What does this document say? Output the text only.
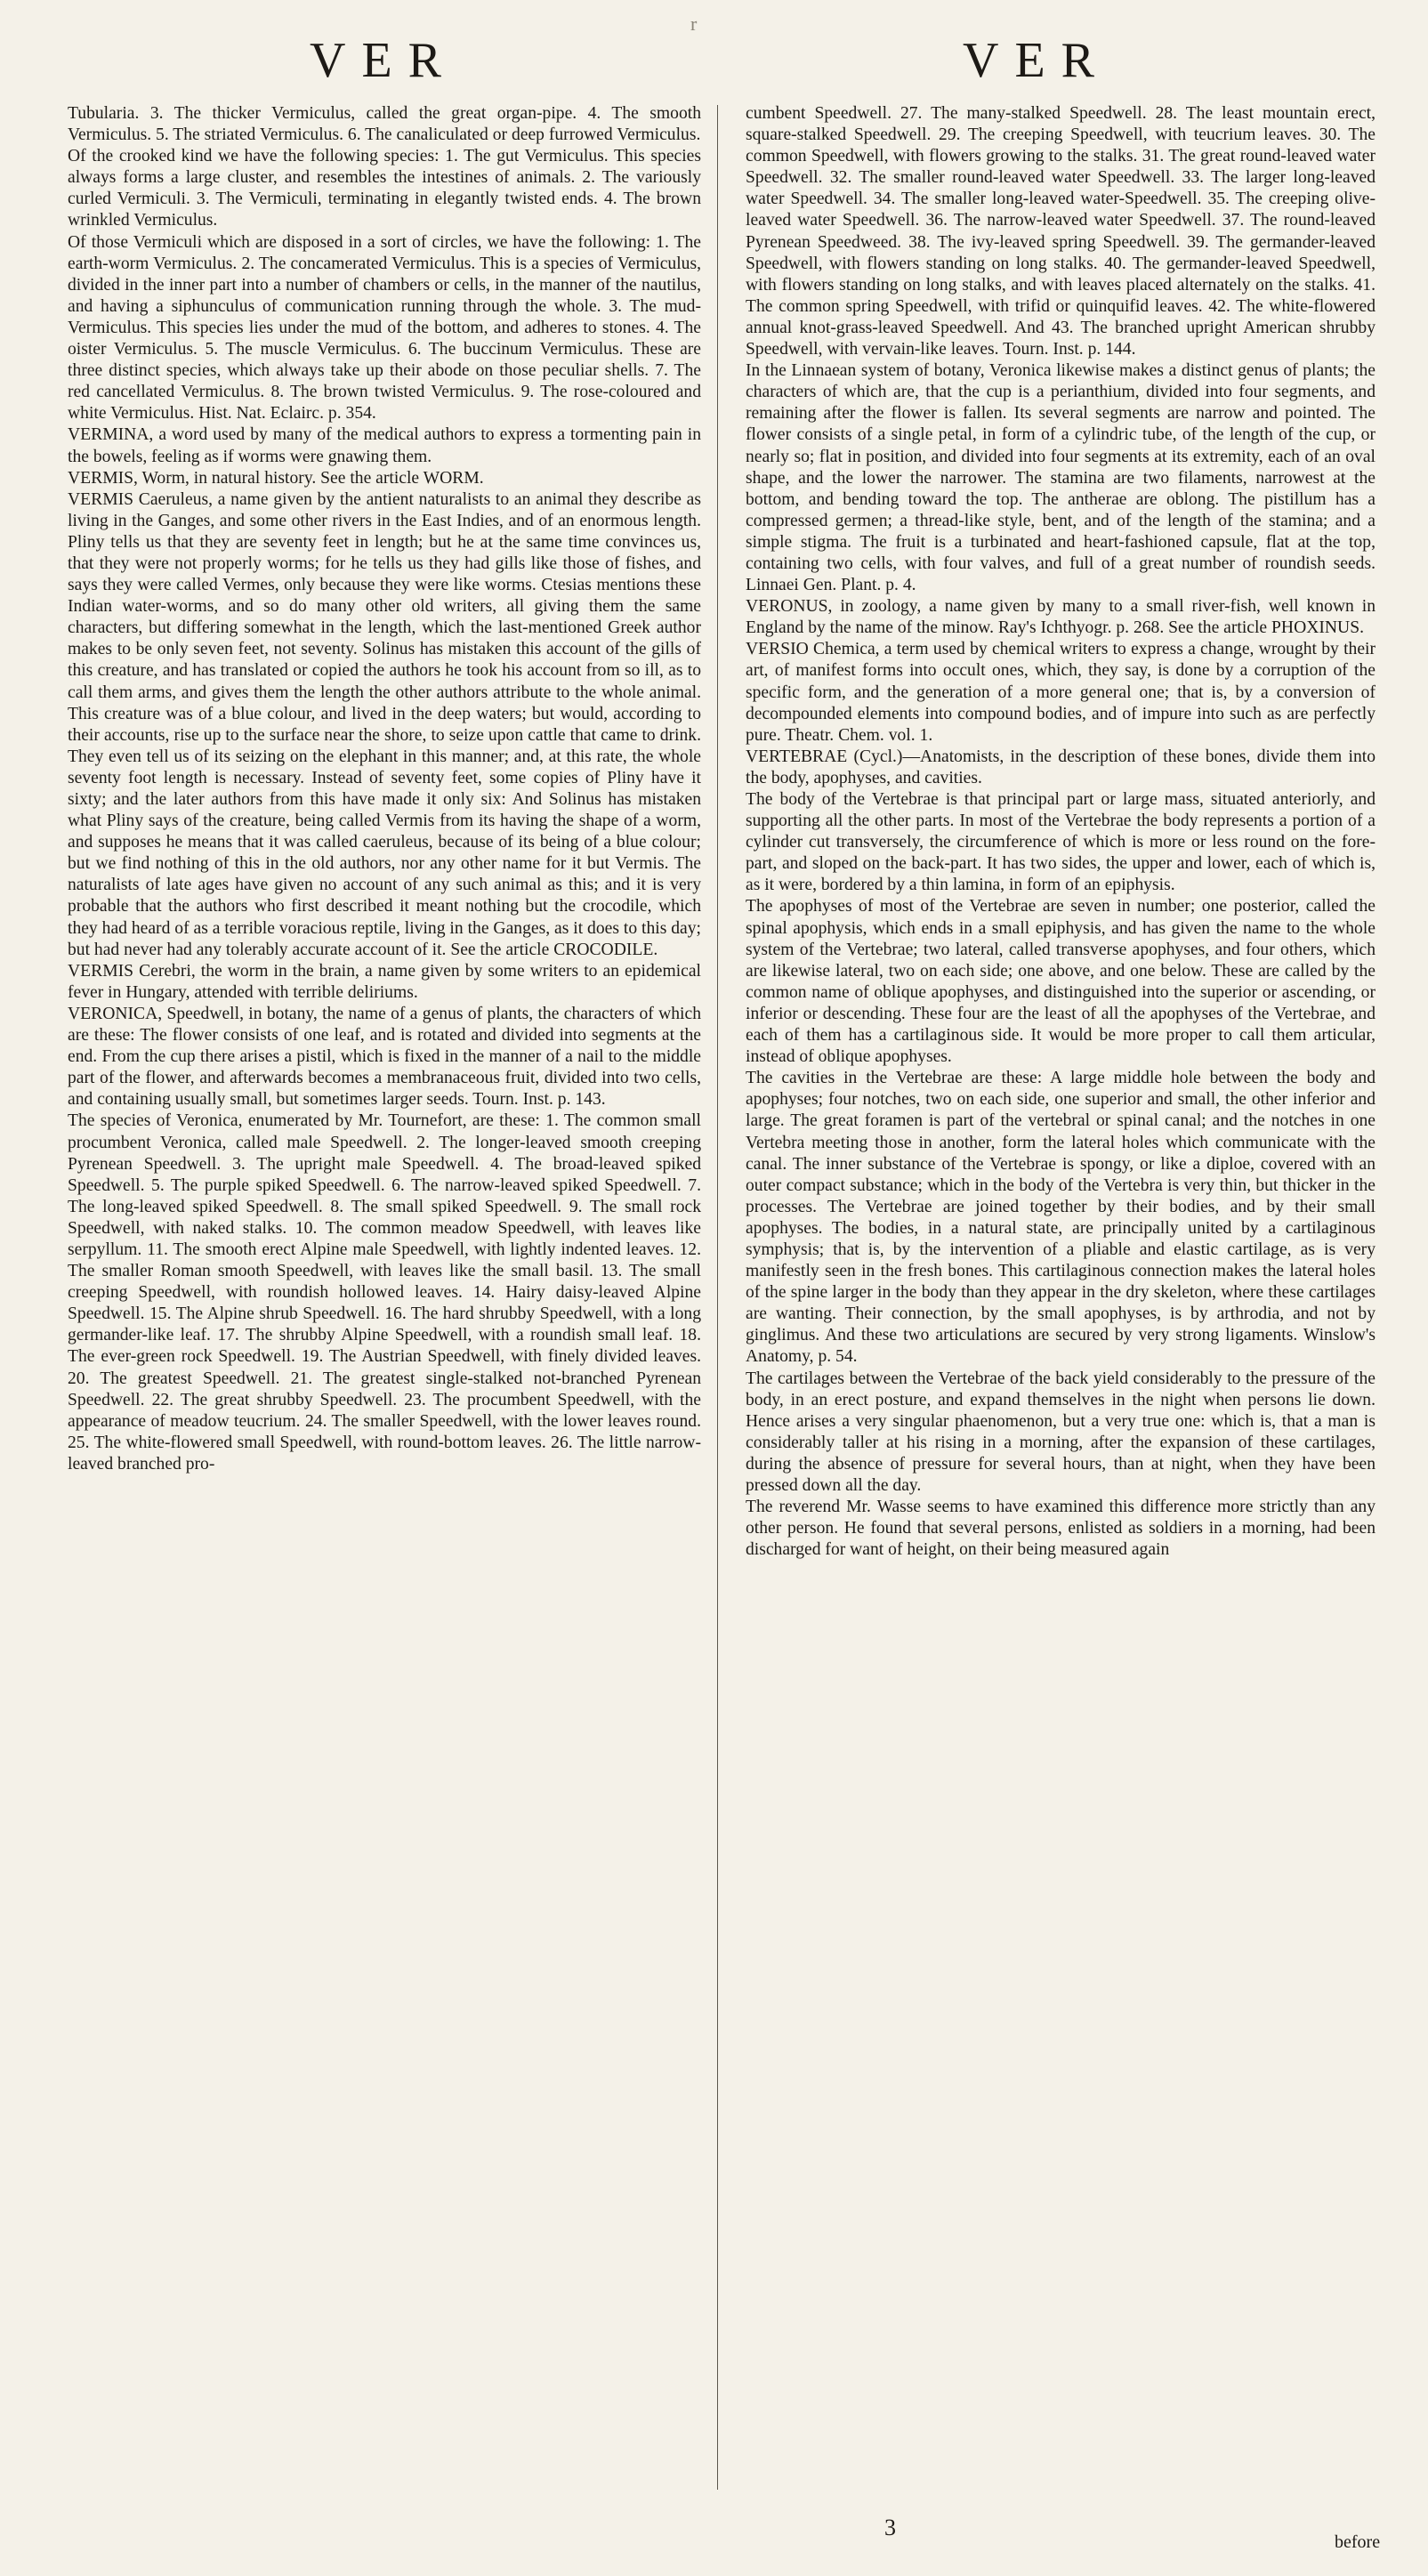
r
VER	VER

Tubularia. 3. The thicker Vermiculus, called the great organ-pipe. 4. The smooth Vermiculus. 5. The striated Vermiculus. 6. The canaliculated or deep furrowed Vermiculus.

Of the crooked kind we have the following species: 1. The gut Vermiculus. This species always forms a large cluster, and resembles the intestines of animals. 2. The variously curled Vermiculi. 3. The Vermiculi, terminating in elegantly twisted ends. 4. The brown wrinkled Vermiculus.

Of those Vermiculi which are disposed in a sort of circles, we have the following: 1. The earth-worm Vermiculus. 2. The concamerated Vermiculus. This is a species of Vermiculus, divided in the inner part into a number of chambers or cells, in the manner of the nautilus, and having a siphunculus of communication running through the whole. 3. The mud-Vermiculus. This species lies under the mud of the bottom, and adheres to stones. 4. The oister Vermiculus. 5. The muscle Vermiculus. 6. The buccinum Vermiculus. These are three distinct species, which always take up their abode on those peculiar shells. 7. The red cancellated Vermiculus. 8. The brown twisted Vermiculus. 9. The rose-coloured and white Vermiculus. Hist. Nat. Eclairc. p. 354.

VERMINA, a word used by many of the medical authors to express a tormenting pain in the bowels, feeling as if worms were gnawing them.

VERMIS, Worm, in natural history. See the article WORM.

VERMIS Caeruleus, a name given by the antient naturalists to an animal they describe as living in the Ganges, and some other rivers in the East Indies, and of an enormous length. Pliny tells us that they are seventy feet in length; but he at the same time convinces us, that they were not properly worms; for he tells us they had gills like those of fishes, and says they were called Vermes, only because they were like worms. Ctesias mentions these Indian water-worms, and so do many other old writers, all giving them the same characters, but differing somewhat in the length, which the last-mentioned Greek author makes to be only seven feet, not seventy. Solinus has mistaken this account of the gills of this creature, and has translated or copied the authors he took his account from so ill, as to call them arms, and gives them the length the other authors attribute to the whole animal. This creature was of a blue colour, and lived in the deep waters; but would, according to their accounts, rise up to the surface near the shore, to seize upon cattle that came to drink. They even tell us of its seizing on the elephant in this manner; and, at this rate, the whole seventy foot length is necessary. Instead of seventy feet, some copies of Pliny have it sixty; and the later authors from this have made it only six: And Solinus has mistaken what Pliny says of the creature, being called Vermis from its having the shape of a worm, and supposes he means that it was called caeruleus, because of its being of a blue colour; but we find nothing of this in the old authors, nor any other name for it but Vermis. The naturalists of late ages have given no account of any such animal as this; and it is very probable that the authors who first described it meant nothing but the crocodile, which they had heard of as a terrible voracious reptile, living in the Ganges, as it does to this day; but had never had any tolerably accurate account of it. See the article CROCODILE.

VERMIS Cerebri, the worm in the brain, a name given by some writers to an epidemical fever in Hungary, attended with terrible deliriums.

VERONICA, Speedwell, in botany, the name of a genus of plants, the characters of which are these: The flower consists of one leaf, and is rotated and divided into segments at the end. From the cup there arises a pistil, which is fixed in the manner of a nail to the middle part of the flower, and afterwards becomes a membranaceous fruit, divided into two cells, and containing usually small, but sometimes larger seeds. Tourn. Inst. p. 143.

The species of Veronica, enumerated by Mr. Tournefort, are these: 1. The common small procumbent Veronica, called male Speedwell. 2. The longer-leaved smooth creeping Pyrenean Speedwell. 3. The upright male Speedwell. 4. The broad-leaved spiked Speedwell. 5. The purple spiked Speedwell. 6. The narrow-leaved spiked Speedwell. 7. The long-leaved spiked Speedwell. 8. The small spiked Speedwell. 9. The small rock Speedwell, with naked stalks. 10. The common meadow Speedwell, with leaves like serpyllum. 11. The smooth erect Alpine male Speedwell, with lightly indented leaves. 12. The smaller Roman smooth Speedwell, with leaves like the small basil. 13. The small creeping Speedwell, with roundish hollowed leaves. 14. Hairy daisy-leaved Alpine Speedwell. 15. The Alpine shrub Speedwell. 16. The hard shrubby Speedwell, with a long germander-like leaf. 17. The shrubby Alpine Speedwell, with a roundish small leaf. 18. The ever-green rock Speedwell. 19. The Austrian Speedwell, with finely divided leaves. 20. The greatest Speedwell. 21. The greatest single-stalked not-branched Pyrenean Speedwell. 22. The great shrubby Speedwell. 23. The procumbent Speedwell, with the appearance of meadow teucrium. 24. The smaller Speedwell, with the lower leaves round. 25. The white-flowered small Speedwell, with round-bottom leaves. 26. The little narrow-leaved branched pro-

cumbent Speedwell. 27. The many-stalked Speedwell. 28. The least mountain erect, square-stalked Speedwell. 29. The creeping Speedwell, with teucrium leaves. 30. The common Speedwell, with flowers growing to the stalks. 31. The great round-leaved water Speedwell. 32. The smaller round-leaved water Speedwell. 33. The larger long-leaved water Speedwell. 34. The smaller long-leaved water-Speedwell. 35. The creeping olive-leaved water Speedwell. 36. The narrow-leaved water Speedwell. 37. The round-leaved Pyrenean Speedweed. 38. The ivy-leaved spring Speedwell. 39. The germander-leaved Speedwell, with flowers standing on long stalks. 40. The germander-leaved Speedwell, with flowers standing on long stalks, and with leaves placed alternately on the stalks. 41. The common spring Speedwell, with trifid or quinquifid leaves. 42. The white-flowered annual knot-grass-leaved Speedwell. And 43. The branched upright American shrubby Speedwell, with vervain-like leaves. Tourn. Inst. p. 144.

In the Linnaean system of botany, Veronica likewise makes a distinct genus of plants; the characters of which are, that the cup is a perianthium, divided into four segments, and remaining after the flower is fallen. Its several segments are narrow and pointed. The flower consists of a single petal, in form of a cylindric tube, of the length of the cup, or nearly so; flat in position, and divided into four segments at its extremity, each of an oval shape, and the lower the narrower. The stamina are two filaments, narrowest at the bottom, and bending toward the top. The antherae are oblong. The pistillum has a compressed germen; a thread-like style, bent, and of the length of the stamina; and a simple stigma. The fruit is a turbinated and heart-fashioned capsule, flat at the top, containing two cells, with four valves, and full of a great number of roundish seeds. Linnaei Gen. Plant. p. 4.

VERONUS, in zoology, a name given by many to a small river-fish, well known in England by the name of the minow. Ray's Ichthyogr. p. 268. See the article PHOXINUS.

VERSIO Chemica, a term used by chemical writers to express a change, wrought by their art, of manifest forms into occult ones, which, they say, is done by a corruption of the specific form, and the generation of a more general one; that is, by a conversion of decompounded elements into compound bodies, and of impure into such as are perfectly pure. Theatr. Chem. vol. 1.

VERTEBRAE (Cycl.)—Anatomists, in the description of these bones, divide them into the body, apophyses, and cavities.

The body of the Vertebrae is that principal part or large mass, situated anteriorly, and supporting all the other parts. In most of the Vertebrae the body represents a portion of a cylinder cut transversely, the circumference of which is more or less round on the fore-part, and sloped on the back-part. It has two sides, the upper and lower, each of which is, as it were, bordered by a thin lamina, in form of an epiphysis.

The apophyses of most of the Vertebrae are seven in number; one posterior, called the spinal apophysis, which ends in a small epiphysis, and has given the name to the whole system of the Vertebrae; two lateral, called transverse apophyses, and four others, which are likewise lateral, two on each side; one above, and one below. These are called by the common name of oblique apophyses, and distinguished into the superior or ascending, or inferior or descending. These four are the least of all the apophyses of the Vertebrae, and each of them has a cartilaginous side. It would be more proper to call them articular, instead of oblique apophyses.

The cavities in the Vertebrae are these: A large middle hole between the body and apophyses; four notches, two on each side, one superior and small, the other inferior and large. The great foramen is part of the vertebral or spinal canal; and the notches in one Vertebra meeting those in another, form the lateral holes which communicate with the canal. The inner substance of the Vertebrae is spongy, or like a diploe, covered with an outer compact substance; which in the body of the Vertebra is very thin, but thicker in the processes. The Vertebrae are joined together by their bodies, and by their small apophyses. The bodies, in a natural state, are principally united by a cartilaginous symphysis; that is, by the intervention of a pliable and elastic cartilage, as is very manifestly seen in the fresh bones. This cartilaginous connection makes the lateral holes of the spine larger in the body than they appear in the dry skeleton, where these cartilages are wanting. Their connection, by the small apophyses, is by arthrodia, and not by ginglimus. And these two articulations are secured by very strong ligaments. Winslow's Anatomy, p. 54.

The cartilages between the Vertebrae of the back yield considerably to the pressure of the body, in an erect posture, and expand themselves in the night when persons lie down. Hence arises a very singular phaenomenon, but a very true one: which is, that a man is considerably taller at his rising in a morning, after the expansion of these cartilages, during the absence of pressure for several hours, than at night, when they have been pressed down all the day.

The reverend Mr. Wasse seems to have examined this difference more strictly than any other person. He found that several persons, enlisted as soldiers in a morning, had been discharged for want of height, on their being measured again

3
before
